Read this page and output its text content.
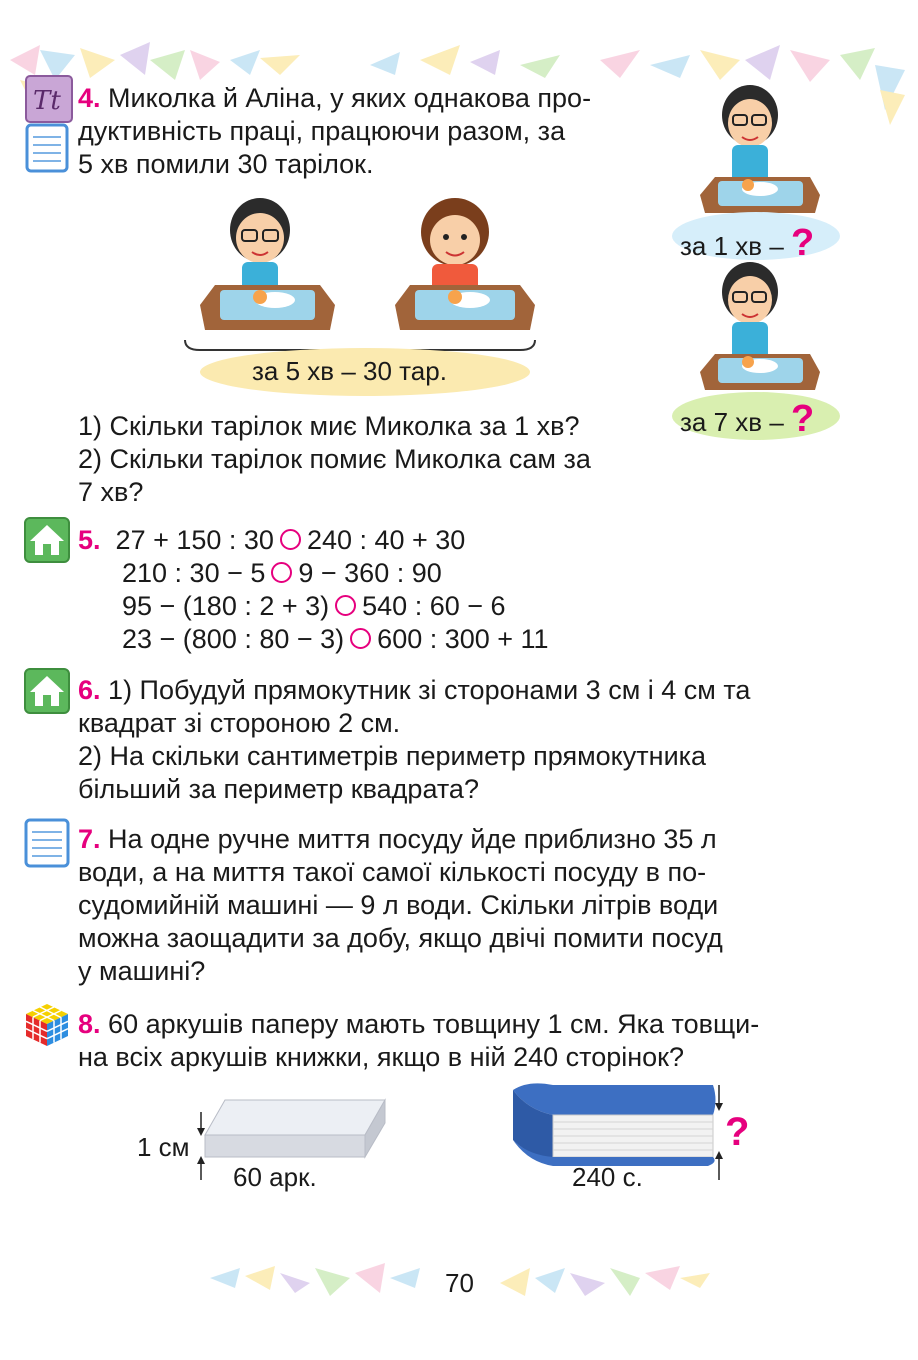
Tt 4. Миколка й Аліна, у яких однакова про-
дуктивність праці, працюючи разом, за
5 хв помили 30 тарілок.
за 5 хв – 30 тар.
за 1 хв – ?
за 7 хв – ?
1) Скільки тарілок миє Миколка за 1 хв?
2) Скільки тарілок помиє Миколка сам за
7 хв?
5. 27 + 150 : 30 240 : 40 + 30
210 : 30 − 5 9 − 360 : 90
95 − (180 : 2 + 3) 540 : 60 − 6
23 − (800 : 80 − 3) 600 : 300 + 11
6. 1) Побудуй прямокутник зі сторонами 3 см і 4 см та
квадрат зі стороною 2 см.
2) На скільки сантиметрів периметр прямокутника
більший за периметр квадрата?
7. На одне ручне миття посуду йде приблизно 35 л
води, а на миття такої самої кількості посуду в по-
судомийній машині — 9 л води. Скільки літрів води
можна заощадити за добу, якщо двічі помити посуд
у машині?
8. 60 аркушів паперу мають товщину 1 см. Яка товщи-
на всіх аркушів книжки, якщо в ній 240 сторінок?
1 см
60 арк.
?
240 с.
70
